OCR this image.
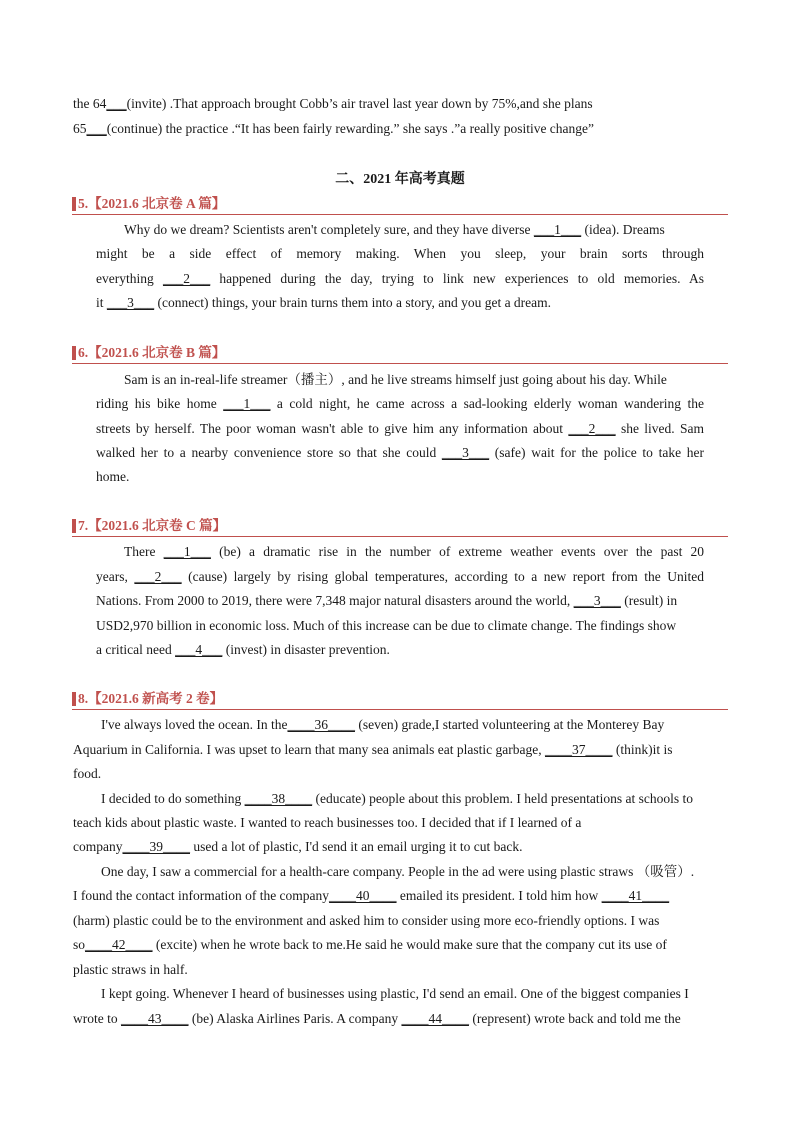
the 64___(invite) .That approach brought Cobb’s air travel last year down by 75%,and she plans
65___(continue) the practice .“It has been fairly rewarding.” she says .”a really positive change”
二、2021 年高考真题
5.【2021.6 北京卷 A 篇】
Why do we dream? Scientists aren't completely sure, and they have diverse ___1___ (idea). Dreams
might be a side effect of memory making. When you sleep, your brain sorts through
everything ___2___ happened during the day, trying to link new experiences to old memories. As
it ___3___ (connect) things, your brain turns them into a story, and you get a dream.
6.【2021.6 北京卷 B 篇】
Sam is an in-real-life streamer（播主）, and he live streams himself just going about his day. While
riding his bike home ___1___ a cold night, he came across a sad-looking elderly woman wandering the
streets by herself. The poor woman wasn't able to give him any information about ___2___ she lived. Sam
walked her to a nearby convenience store so that she could ___3___ (safe) wait for the police to take her
home.
7.【2021.6 北京卷 C 篇】
There ___1___ (be) a dramatic rise in the number of extreme weather events over the past 20
years, ___2___ (cause) largely by rising global temperatures, according to a new report from the United
Nations. From 2000 to 2019, there were 7,348 major natural disasters around the world, ___3___ (result) in
USD2,970 billion in economic loss. Much of this increase can be due to climate change. The findings show
a critical need ___4___ (invest) in disaster prevention.
8.【2021.6 新高考 2 卷】
I've always loved the ocean. In the____36____ (seven) grade,I started volunteering at the Monterey Bay
Aquarium in California. I was upset to learn that many sea animals eat plastic garbage, ____37____ (think)it is
food.
I decided to do something ____38____ (educate) people about this problem. I held presentations at schools to
teach kids about plastic waste. I wanted to reach businesses too. I decided that if I learned of a
company____39____ used a lot of plastic, I'd send it an email urging it to cut back.
One day, I saw a commercial for a health-care company. People in the ad were using plastic straws （吸管）.
I found the contact information of the company____40____ emailed its president. I told him how ____41____
(harm) plastic could be to the environment and asked him to consider using more eco-friendly options. I was
so____42____ (excite) when he wrote back to me.He said he would make sure that the company cut its use of
plastic straws in half.
I kept going. Whenever I heard of businesses using plastic, I'd send an email. One of the biggest companies I
wrote to ____43____ (be) Alaska Airlines Paris. A company ____44____ (represent) wrote back and told me the
